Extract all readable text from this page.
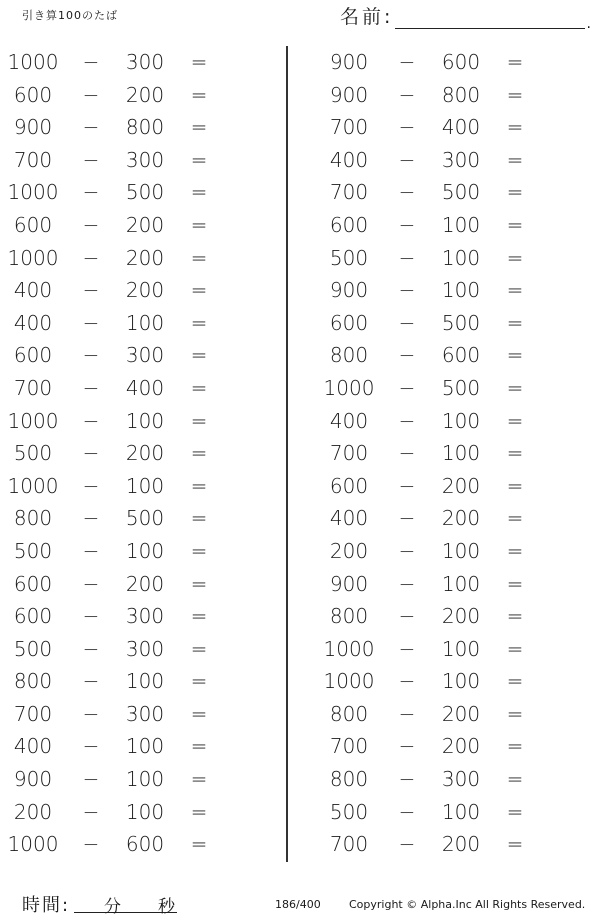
引き算100のたば	名前:	.
1000	−	300	=
600	−	200	=
900	−	800	=
700	−	300	=
1000	−	500	=
600	−	200	=
1000	−	200	=
400	−	200	=
400	−	100	=
600	−	300	=
700	−	400	=
1000	−	100	=
500	−	200	=
1000	−	100	=
800	−	500	=
500	−	100	=
600	−	200	=
600	−	300	=
500	−	300	=
800	−	100	=
700	−	300	=
400	−	100	=
900	−	100	=
200	−	100	=
1000	−	600	=
900	−	600	=
900	−	800	=
700	−	400	=
400	−	300	=
700	−	500	=
600	−	100	=
500	−	100	=
900	−	100	=
600	−	500	=
800	−	600	=
1000	−	500	=
400	−	100	=
700	−	100	=
600	−	200	=
400	−	200	=
200	−	100	=
900	−	100	=
800	−	200	=
1000	−	100	=
1000	−	100	=
800	−	200	=
700	−	200	=
800	−	300	=
500	−	100	=
700	−	200	=
時間: 分 秒	186/400	Copyright © Alpha.Inc All Rights Reserved.
